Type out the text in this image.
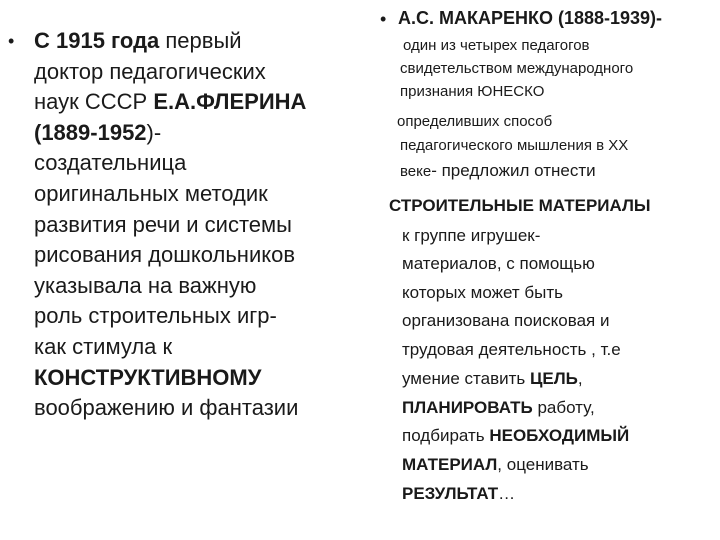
• С 1915 года первый
доктор педагогических
наук СССР Е.А.ФЛЕРИНА
(1889-1952)-
создательница
оригинальных методик
развития речи и системы
рисования дошкольников
указывала на важную
роль строительных игр-
как стимула к
КОНСТРУКТИВНОМУ
воображению и фантазии
• А.С. МАКАРЕНКО (1888-1939)-
один из четырех педагогов
свидетельством международного
признания ЮНЕСКО
определивших способ
педагогического мышления в XX
веке- предложил отнести
СТРОИТЕЛЬНЫЕ МАТЕРИАЛЫ
к группе игрушек-
материалов, с помощью
которых может быть
организована поисковая и
трудовая деятельность , т.е
умение ставить ЦЕЛЬ,
ПЛАНИРОВАТЬ работу,
подбирать НЕОБХОДИМЫЙ
МАТЕРИАЛ, оценивать
РЕЗУЛЬТАТ…
